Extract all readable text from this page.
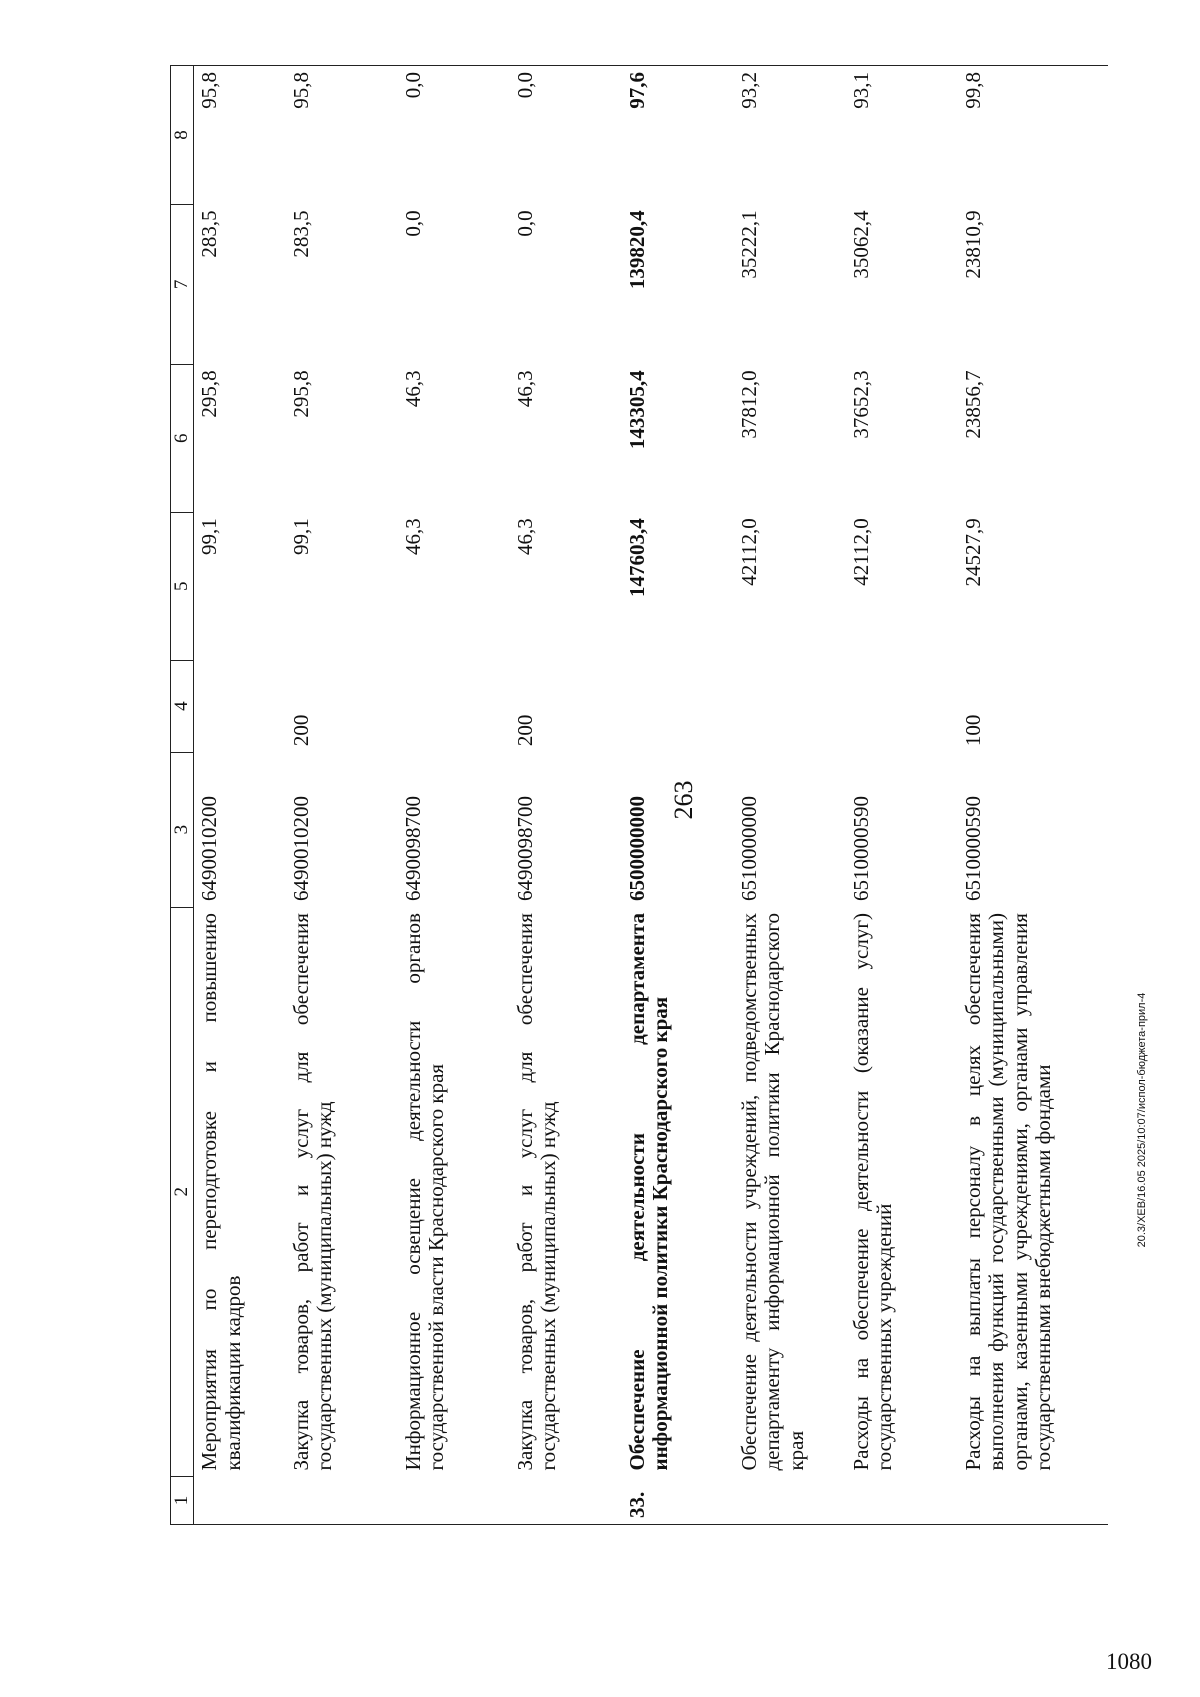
263
1	2	3	4	5	6	7	8
	Мероприятия по переподготовке и повышению квалификации кадров	6490010200		99,1	295,8	283,5	95,8
	Закупка товаров, работ и услуг для обеспечения государственных (муниципальных) нужд	6490010200	200	99,1	295,8	283,5	95,8
	Информационное освещение деятельности органов государственной власти Краснодарского края	6490098700		46,3	46,3	0,0	0,0
	Закупка товаров, работ и услуг для обеспечения государственных (муниципальных) нужд	6490098700	200	46,3	46,3	0,0	0,0
33.	Обеспечение деятельности департамента информационной политики Краснодарского края	6500000000		147603,4	143305,4	139820,4	97,6
	Обеспечение деятельности учреждений, подведомственных департаменту информационной политики Краснодарского края	6510000000		42112,0	37812,0	35222,1	93,2
	Расходы на обеспечение деятельности (оказание услуг) государственных учреждений	6510000590		42112,0	37652,3	35062,4	93,1
	Расходы на выплаты персоналу в целях обеспечения выполнения функций государственными (муниципальными) органами, казенными учреждениями, органами управления государственными внебюджетными фондами	6510000590	100	24527,9	23856,7	23810,9	99,8
20.3/ХЕВ/16.05 2025/10:07/испол-бюджета-прил-4
1080
